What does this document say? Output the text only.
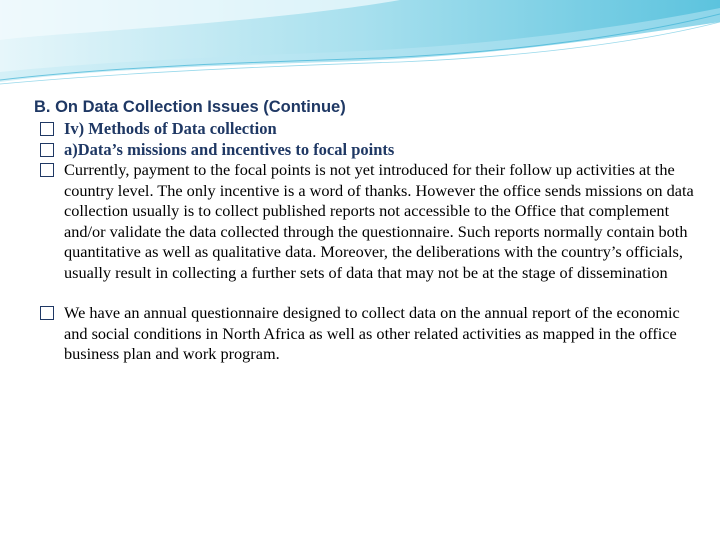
B. On Data Collection Issues (Continue)
Iv) Methods of Data collection
a)Data’s missions and incentives to focal points
Currently, payment to the focal points is not yet introduced for their follow up activities at the country level. The only incentive is a word of thanks. However the office sends missions on data collection usually is to collect published reports not accessible to the Office that complement and/or validate the data collected through the questionnaire. Such reports normally contain both quantitative as well as qualitative data. Moreover, the deliberations with the country’s officials, usually result in collecting a further sets of data that may not be at the stage of dissemination
We have an annual questionnaire designed to collect data on the annual report of the economic and social conditions in North Africa as well as other related activities as mapped in the office business plan and work program.
